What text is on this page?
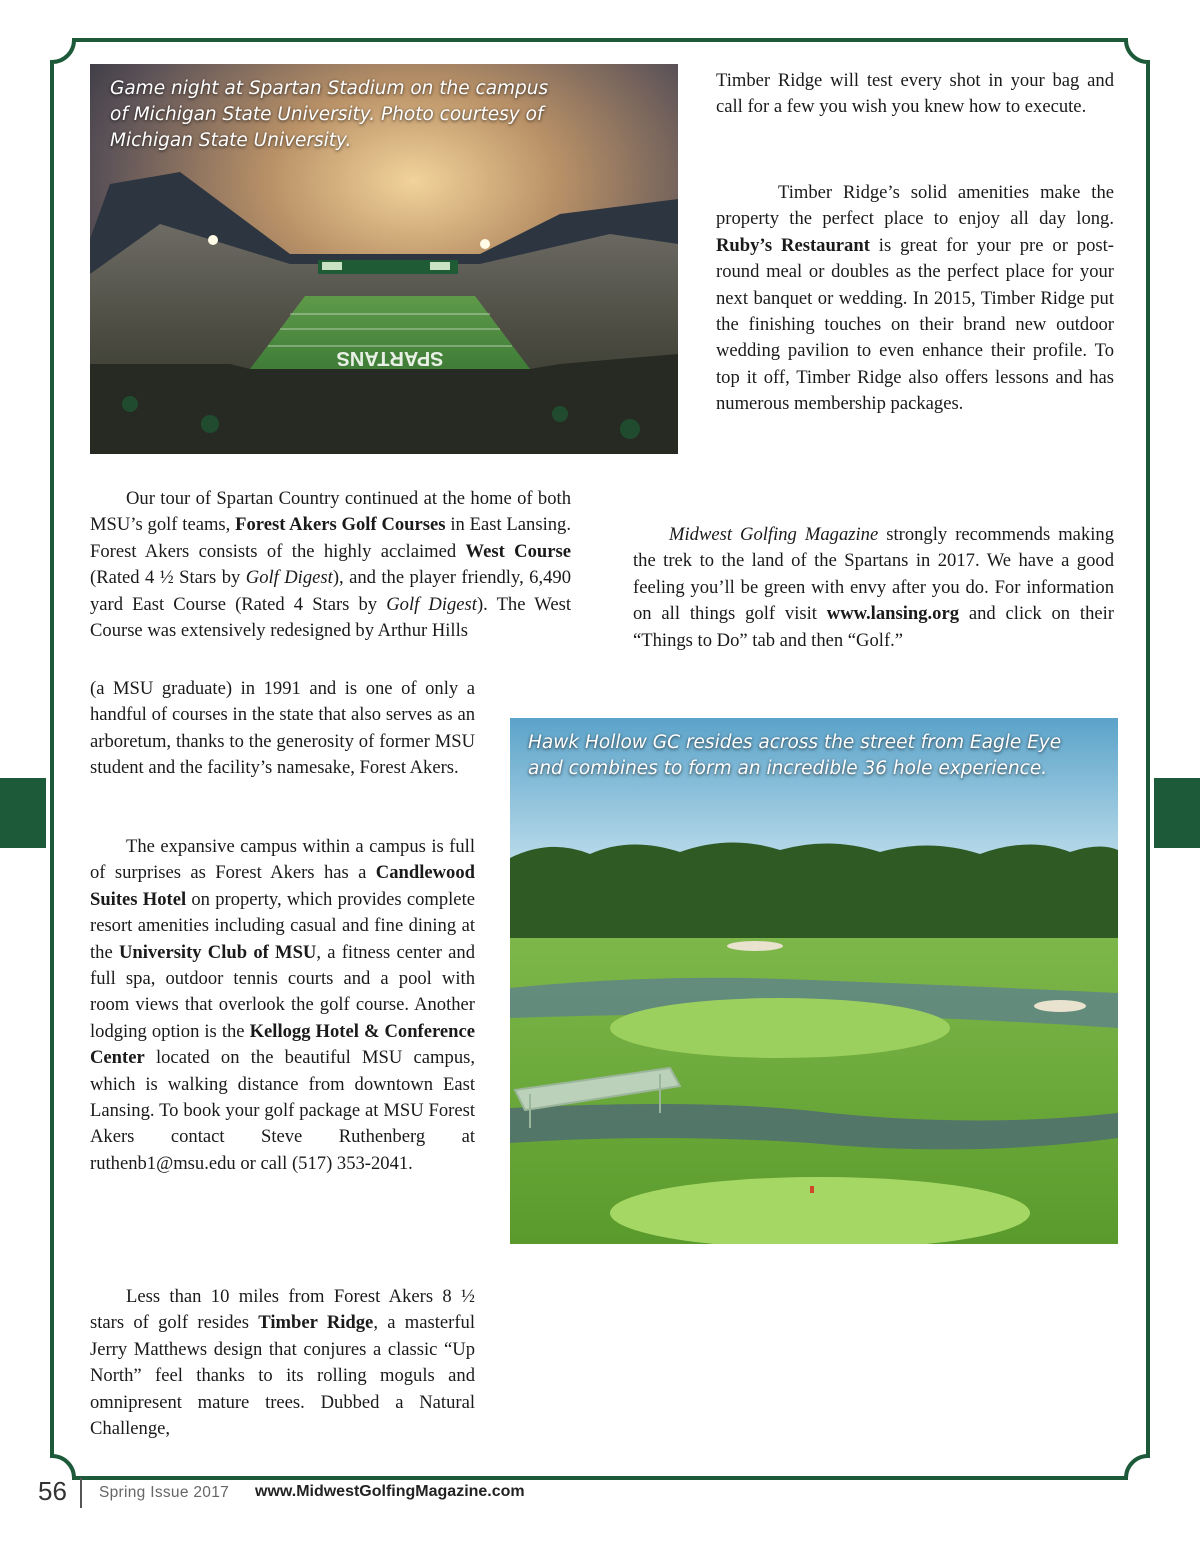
SPARTANS
Game night at Spartan Stadium on the campus
of Michigan State University. Photo courtesy of
Michigan State University.
Hawk Hollow GC resides across the street from Eagle Eye
and combines to form an incredible 36 hole experience.

Our tour of Spartan Country continued at the home of both MSU’s golf teams, Forest Akers Golf Courses in East Lansing. Forest Akers consists of the highly acclaimed West Course (Rated 4 ½ Stars by Golf Digest), and the player friendly, 6,490 yard East Course (Rated 4 Stars by Golf Digest). The West Course was extensively redesigned by Arthur Hills

(a MSU graduate) in 1991 and is one of only a handful of courses in the state that also serves as an arboretum, thanks to the generosity of former MSU student and the facility’s namesake, Forest Akers.

The expansive campus within a campus is full of surprises as Forest Akers has a Candlewood Suites Hotel on property, which provides complete resort amenities including casual and fine dining at the University Club of MSU, a fitness center and full spa, outdoor tennis courts and a pool with room views that overlook the golf course. Another lodging option is the Kellogg Hotel & Conference Center located on the beautiful MSU campus, which is walking distance from downtown East Lansing. To book your golf package at MSU Forest Akers contact Steve Ruthenberg at ruthenb1@msu.edu or call (517) 353-2041.

Less than 10 miles from Forest Akers 8 ½ stars of golf resides Timber Ridge, a masterful Jerry Matthews design that conjures a classic “Up North” feel thanks to its rolling moguls and omnipresent mature trees. Dubbed a Natural Challenge,

Timber Ridge will test every shot in your bag and call for a few you wish you knew how to execute.

Timber Ridge’s solid amenities make the property the perfect place to enjoy all day long. Ruby’s Restaurant is great for your pre or post-round meal or doubles as the perfect place for your next banquet or wedding. In 2015, Timber Ridge put the finishing touches on their brand new outdoor wedding pavilion to even enhance their profile. To top it off, Timber Ridge also offers lessons and has numerous membership packages.

Midwest Golfing Magazine strongly recommends making the trek to the land of the Spartans in 2017. We have a good feeling you’ll be green with envy after you do. For information on all things golf visit www.lansing.org and click on their “Things to Do” tab and then “Golf.”

56 Spring Issue 2017 www.MidwestGolfingMagazine.com
